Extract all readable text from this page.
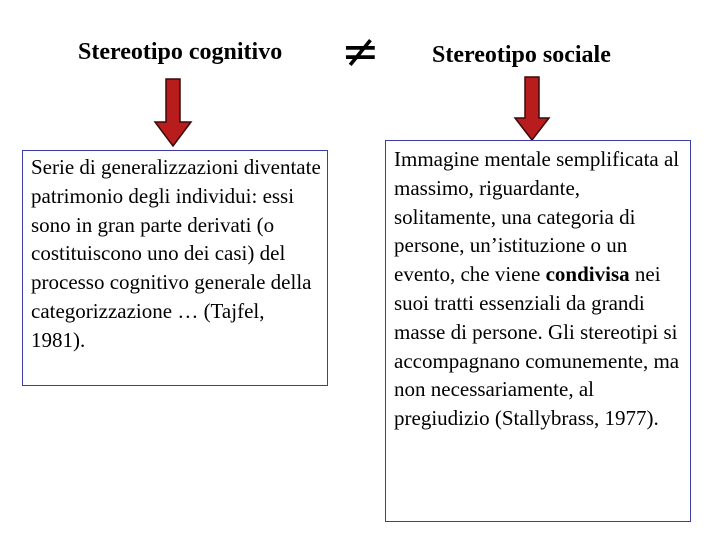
Stereotipo cognitivo ≠ Stereotipo sociale

Serie di generalizzazioni diventate patrimonio degli individui: essi sono in gran parte derivati (o costituiscono uno dei casi) del processo cognitivo generale della categorizzazione … (Tajfel, 1981).

Immagine mentale semplificata al massimo, riguardante, solitamente, una categoria di persone, un’istituzione o un evento, che viene condivisa nei suoi tratti essenziali da grandi masse di persone. Gli stereotipi si accompagnano comunemente, ma non necessariamente, al pregiudizio (Stallybrass, 1977).
